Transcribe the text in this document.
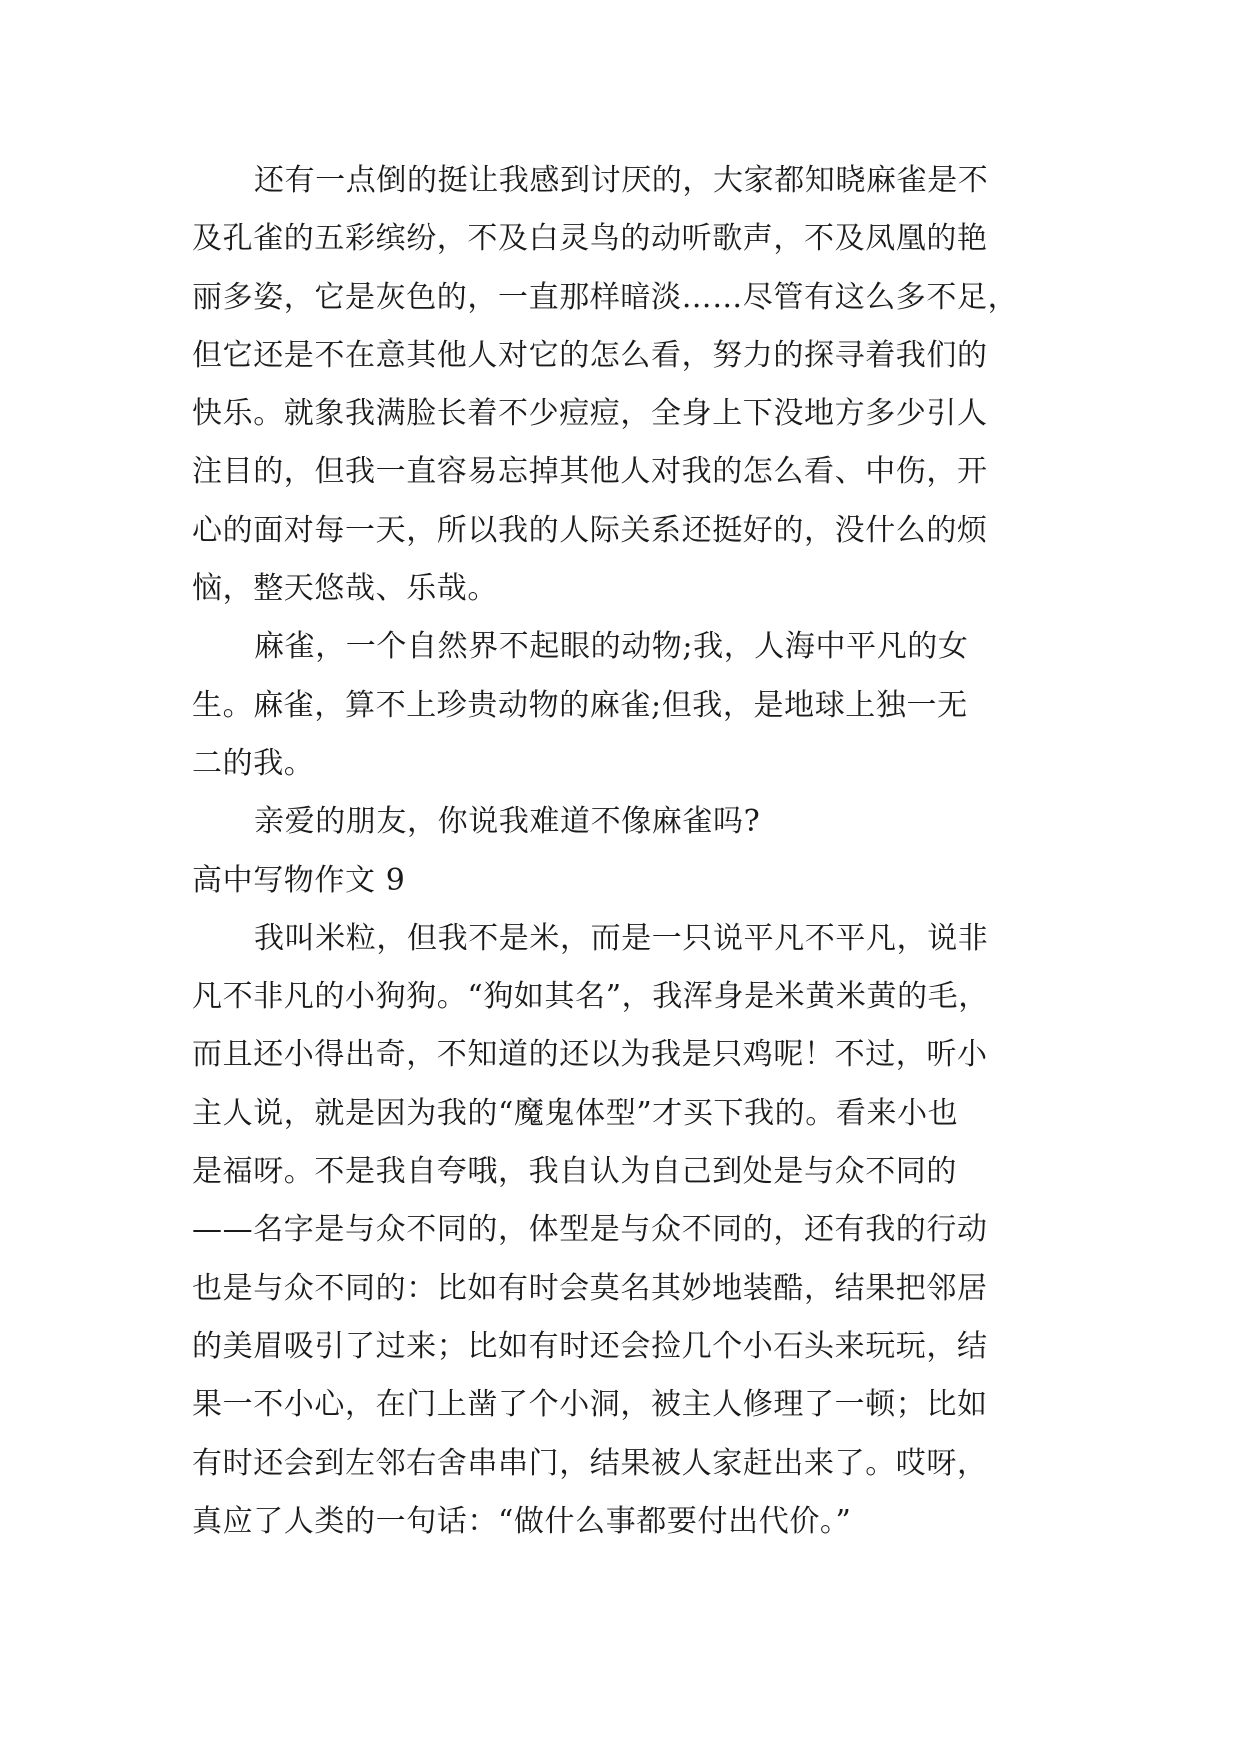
还有一点倒的挺让我感到讨厌的，大家都知晓麻雀是不
及孔雀的五彩缤纷，不及白灵鸟的动听歌声，不及凤凰的艳
丽多姿，它是灰色的，一直那样暗淡……尽管有这么多不足，
但它还是不在意其他人对它的怎么看，努力的探寻着我们的
快乐。就象我满脸长着不少痘痘，全身上下没地方多少引人
注目的，但我一直容易忘掉其他人对我的怎么看、中伤，开
心的面对每一天，所以我的人际关系还挺好的，没什么的烦
恼，整天悠哉、乐哉。
麻雀，一个自然界不起眼的动物;我，人海中平凡的女
生。麻雀，算不上珍贵动物的麻雀;但我，是地球上独一无
二的我。
亲爱的朋友，你说我难道不像麻雀吗?
高中写物作文 9
我叫米粒，但我不是米，而是一只说平凡不平凡，说非
凡不非凡的小狗狗。“狗如其名”，我浑身是米黄米黄的毛，
而且还小得出奇，不知道的还以为我是只鸡呢！不过，听小
主人说，就是因为我的“魔鬼体型”才买下我的。看来小也
是福呀。不是我自夸哦，我自认为自己到处是与众不同的
——名字是与众不同的，体型是与众不同的，还有我的行动
也是与众不同的：比如有时会莫名其妙地装酷，结果把邻居
的美眉吸引了过来；比如有时还会捡几个小石头来玩玩，结
果一不小心，在门上凿了个小洞，被主人修理了一顿；比如
有时还会到左邻右舍串串门，结果被人家赶出来了。哎呀，
真应了人类的一句话：“做什么事都要付出代价。”
